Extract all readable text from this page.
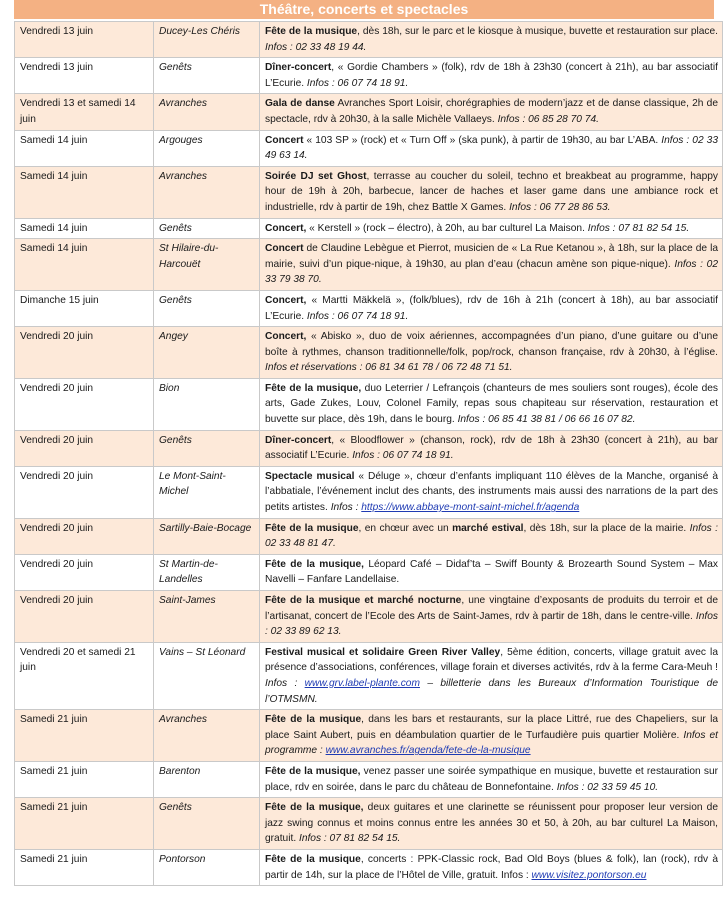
Théâtre, concerts et spectacles
Vendredi 13 juin	Ducey-Les Chéris	Fête de la musique, dès 18h, sur le parc et le kiosque à musique, buvette et restauration sur place. Infos : 02 33 48 19 44.
Vendredi 13 juin	Genêts	Dîner-concert, « Gordie Chambers » (folk), rdv de 18h à 23h30 (concert à 21h), au bar associatif L’Ecurie. Infos : 06 07 74 18 91.
Vendredi 13 et samedi 14 juin	Avranches	Gala de danse Avranches Sport Loisir, chorégraphies de modern’jazz et de danse classique, 2h de spectacle, rdv à 20h30, à la salle Michèle Vallaeys. Infos : 06 85 28 70 74.
Samedi 14 juin	Argouges	Concert « 103 SP » (rock) et « Turn Off » (ska punk), à partir de 19h30, au bar L’ABA. Infos : 02 33 49 63 14.
Samedi 14 juin	Avranches	Soirée DJ set Ghost, terrasse au coucher du soleil, techno et breakbeat au programme, happy hour de 19h à 20h, barbecue, lancer de haches et laser game dans une ambiance rock et industrielle, rdv à partir de 19h, chez Battle X Games. Infos : 06 77 28 86 53.
Samedi 14 juin	Genêts	Concert, « Kerstell » (rock – électro), à 20h, au bar culturel La Maison. Infos : 07 81 82 54 15.
Samedi 14 juin	St Hilaire-du-Harcouët	Concert de Claudine Lebègue et Pierrot, musicien de « La Rue Ketanou », à 18h, sur la place de la mairie, suivi d’un pique-nique, à 19h30, au plan d’eau (chacun amène son pique-nique). Infos : 02 33 79 38 70.
Dimanche 15 juin	Genêts	Concert, « Martti Mäkkelä », (folk/blues), rdv de 16h à 21h (concert à 18h), au bar associatif L’Ecurie. Infos : 06 07 74 18 91.
Vendredi 20 juin	Angey	Concert, « Abisko », duo de voix aériennes, accompagnées d’un piano, d’une guitare ou d’une boîte à rythmes, chanson traditionnelle/folk, pop/rock, chanson française, rdv à 20h30, à l’église. Infos et réservations : 06 81 34 61 78 / 06 72 48 71 51.
Vendredi 20 juin	Bion	Fête de la musique, duo Leterrier / Lefrançois (chanteurs de mes souliers sont rouges), école des arts, Gade Zukes, Louv, Colonel Family, repas sous chapiteau sur réservation, restauration et buvette sur place, dès 19h, dans le bourg. Infos : 06 85 41 38 81 / 06 66 16 07 82.
Vendredi 20 juin	Genêts	Dîner-concert, « Bloodflower » (chanson, rock), rdv de 18h à 23h30 (concert à 21h), au bar associatif L’Ecurie. Infos : 06 07 74 18 91.
Vendredi 20 juin	Le Mont-Saint-Michel	Spectacle musical « Déluge », chœur d’enfants impliquant 110 élèves de la Manche, organisé à l’abbatiale, l’événement inclut des chants, des instruments mais aussi des narrations de la part des petits artistes. Infos : https://www.abbaye-mont-saint-michel.fr/agenda
Vendredi 20 juin	Sartilly-Baie-Bocage	Fête de la musique, en chœur avec un marché estival, dès 18h, sur la place de la mairie. Infos : 02 33 48 81 47.
Vendredi 20 juin	St Martin-de-Landelles	Fête de la musique, Léopard Café – Didaf’ta – Swiff Bounty & Brozearth Sound System – Max Navelli – Fanfare Landellaise.
Vendredi 20 juin	Saint-James	Fête de la musique et marché nocturne, une vingtaine d’exposants de produits du terroir et de l’artisanat, concert de l’Ecole des Arts de Saint-James, rdv à partir de 18h, dans le centre-ville. Infos : 02 33 89 62 13.
Vendredi 20 et samedi 21 juin	Vains – St Léonard	Festival musical et solidaire Green River Valley, 5ème édition, concerts, village gratuit avec la présence d’associations, conférences, village forain et diverses activités, rdv à la ferme Cara-Meuh ! Infos : www.grv.label-plante.com – billetterie dans les Bureaux d’Information Touristique de l’OTMSMN.
Samedi 21 juin	Avranches	Fête de la musique, dans les bars et restaurants, sur la place Littré, rue des Chapeliers, sur la place Saint Aubert, puis en déambulation quartier de le Turfaudière puis quartier Molière. Infos et programme : www.avranches.fr/agenda/fete-de-la-musique
Samedi 21 juin	Barenton	Fête de la musique, venez passer une soirée sympathique en musique, buvette et restauration sur place, rdv en soirée, dans le parc du château de Bonnefontaine. Infos : 02 33 59 45 10.
Samedi 21 juin	Genêts	Fête de la musique, deux guitares et une clarinette se réunissent pour proposer leur version de jazz swing connus et moins connus entre les années 30 et 50, à 20h, au bar culturel La Maison, gratuit. Infos : 07 81 82 54 15.
Samedi 21 juin	Pontorson	Fête de la musique, concerts : PPK-Classic rock, Bad Old Boys (blues & folk), lan (rock), rdv à partir de 14h, sur la place de l’Hôtel de Ville, gratuit. Infos : www.visitez.pontorson.eu
